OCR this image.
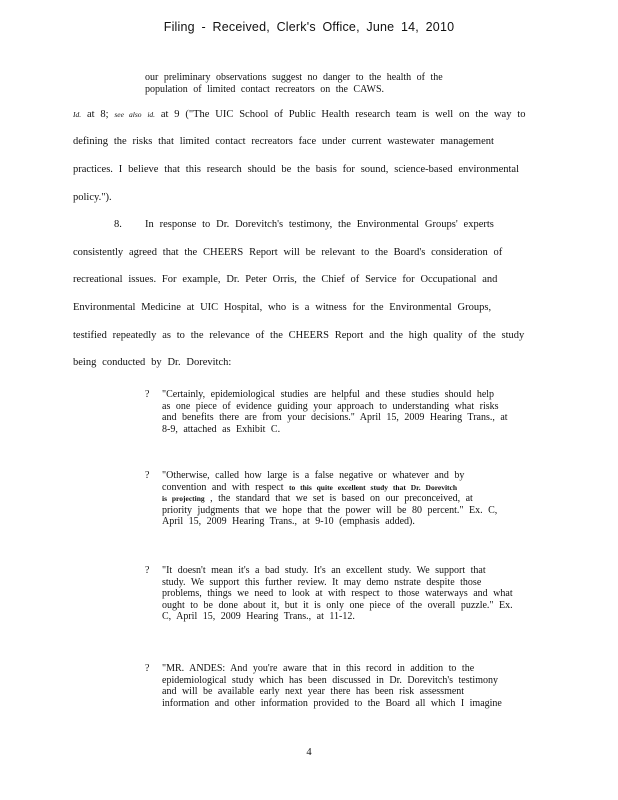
Filing - Received, Clerk's Office, June 14, 2010
our preliminary observations suggest no danger to the health of the
population of limited contact recreators on the CAWS.
Id. at 8; see also id. at 9 ("The UIC School of Public Health research team is well on the way to
defining the risks that limited contact recreators face under current wastewater management
practices. I believe that this research should be the basis for sound, science-based environmental
policy.").
8. In response to Dr. Dorevitch's testimony, the Environmental Groups' experts
consistently agreed that the CHEERS Report will be relevant to the Board's consideration of
recreational issues. For example, Dr. Peter Orris, the Chief of Service for Occupational and
Environmental Medicine at UIC Hospital, who is a witness for the Environmental Groups,
testified repeatedly as to the relevance of the CHEERS Report and the high quality of the study
being conducted by Dr. Dorevitch:
? "Certainly, epidemiological studies are helpful and these studies should help
as one piece of evidence guiding your approach to understanding what risks
and benefits there are from your decisions." April 15, 2009 Hearing Trans., at
8-9, attached as Exhibit C.
? "Otherwise, called how large is a false negative or whatever and by
convention and with respect to this quite excellent study that Dr. Dorevitch
is projecting , the standard that we set is based on our preconceived, at
priority judgments that we hope that the power will be 80 percent." Ex. C,
April 15, 2009 Hearing Trans., at 9-10 (emphasis added).
? "It doesn't mean it's a bad study. It's an excellent study. We support that
study. We support this further review. It may demo nstrate despite those
problems, things we need to look at with respect to those waterways and what
ought to be done about it, but it is only one piece of the overall puzzle." Ex.
C, April 15, 2009 Hearing Trans., at 11-12.
? "MR. ANDES: And you're aware that in this record in addition to the
epidemiological study which has been discussed in Dr. Dorevitch's testimony
and will be available early next year there has been risk assessment
information and other information provided to the Board all which I imagine
4
